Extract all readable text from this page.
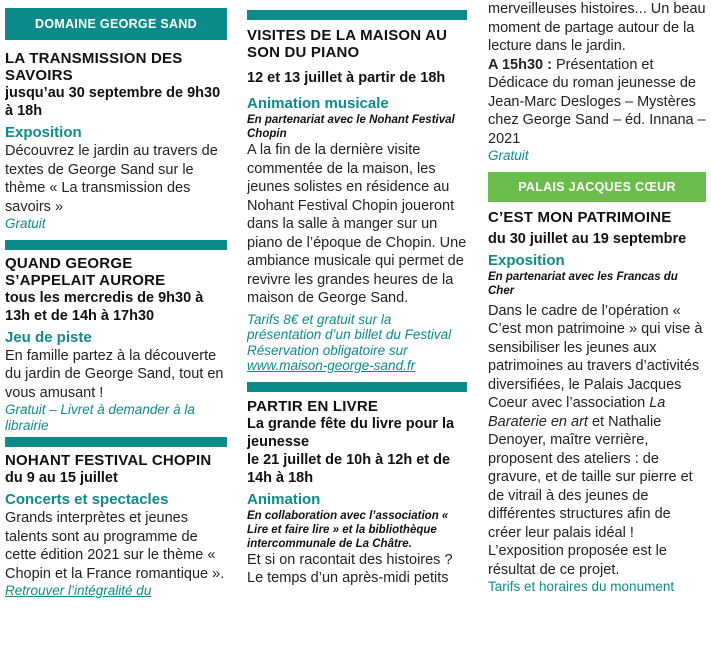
DOMAINE GEORGE SAND
LA TRANSMISSION DES SAVOIRS
jusqu’au 30 septembre de 9h30 à 18h
Exposition
Découvrez le jardin au travers de textes de George Sand sur le thème « La transmission des savoirs »
Gratuit
QUAND GEORGE S’APPELAIT AURORE
tous les mercredis de 9h30 à 13h et de 14h à 17h30
Jeu de piste
En famille partez à la découverte du jardin de George Sand, tout en vous amusant !
Gratuit – Livret à demander à la librairie
NOHANT FESTIVAL CHOPIN
du 9 au 15 juillet
Concerts et spectacles
Grands interprètes et jeunes talents sont au programme de cette édition 2021 sur le thème « Chopin et la France romantique ».
Retrouver l’intégralité du
VISITES DE LA MAISON AU SON DU PIANO
12 et 13 juillet à partir de 18h
Animation musicale
En partenariat avec le Nohant Festival Chopin
A la fin de la dernière visite commentée de la maison, les jeunes solistes en résidence au Nohant Festival Chopin joueront dans la salle à manger sur un piano de l’époque de Chopin. Une ambiance musicale qui permet de revivre les grandes heures de la maison de George Sand.
Tarifs 8€ et gratuit sur la présentation d’un billet du Festival Réservation obligatoire sur
www.maison-george-sand.fr
PARTIR EN LIVRE
La grande fête du livre pour la jeunesse
le 21 juillet de 10h à 12h et de 14h à 18h
Animation
En collaboration avec l’association « Lire et faire lire » et la bibliothèque intercommunale de La Châtre.
Et si on racontait des histoires ? Le temps d’un après-midi petits
merveilleuses histoires... Un beau moment de partage autour de la lecture dans le jardin.
A 15h30 : Présentation et Dédicace du roman jeunesse de Jean-Marc Desloges – Mystères chez George Sand – éd. Innana – 2021
Gratuit
PALAIS JACQUES CŒUR
C’EST MON PATRIMOINE
du 30 juillet au 19 septembre
Exposition
En partenariat avec les Francas du Cher
Dans le cadre de l’opération « C’est mon patrimoine » qui vise à sensibiliser les jeunes aux patrimoines au travers d’activités diversifiées, le Palais Jacques Coeur avec l’association La Baraterie en art et Nathalie Denoyer, maître verrière, proposent des ateliers : de gravure, et de taille sur pierre et de vitrail à des jeunes de différentes structures afin de créer leur palais idéal ! L’exposition proposée est le résultat de ce projet.
Tarifs et horaires du monument
